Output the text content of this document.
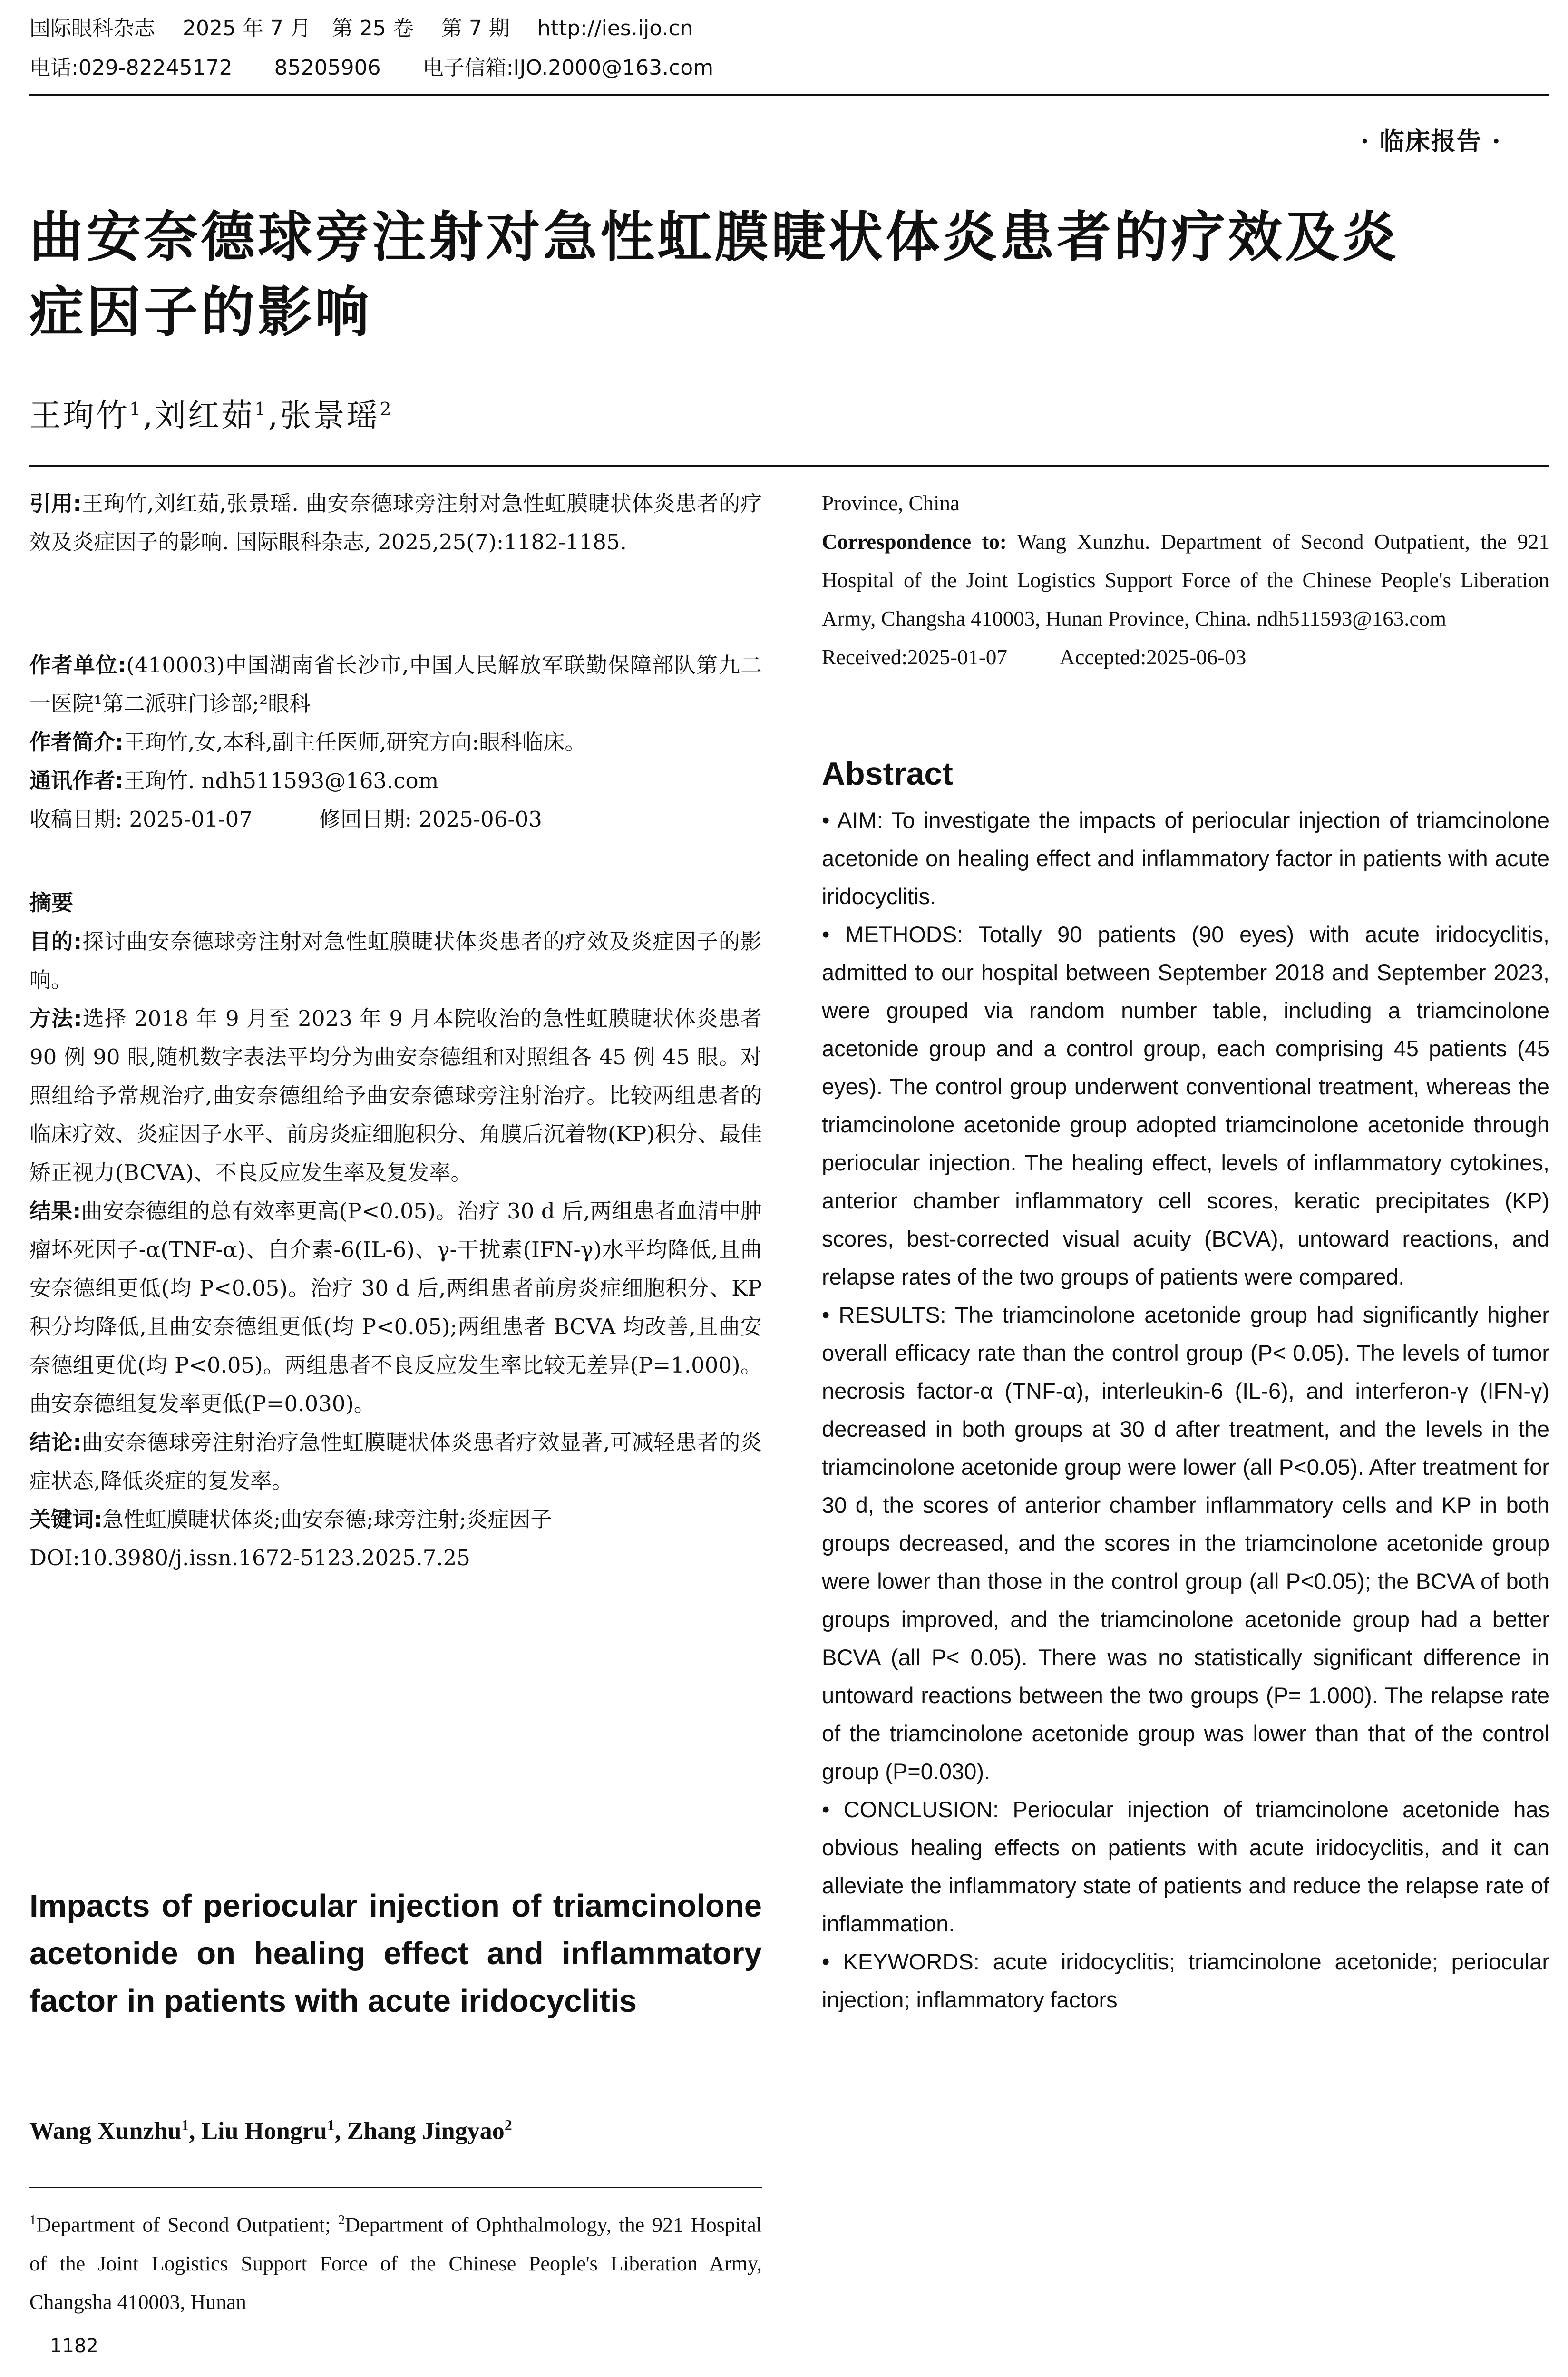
国际眼科杂志　 2025 年 7 月　第 25 卷　 第 7 期　 http://ies.ijo.cn
电话:029-82245172　　85205906　　电子信箱:IJO.2000@163.com
· 临床报告 ·
曲安奈德球旁注射对急性虹膜睫状体炎患者的疗效及炎
症因子的影响
王珣竹$^1$,刘红茹$^1$,张景瑶$^2$

引用:王珣竹,刘红茹,张景瑶. 曲安奈德球旁注射对急性虹膜睫状体炎患者的疗效及炎症因子的影响. 国际眼科杂志, 2025,25(7):1182-1185.

作者单位:(410003)中国湖南省长沙市,中国人民解放军联勤保障部队第九二一医院¹第二派驻门诊部;²眼科

作者简介:王珣竹,女,本科,副主任医师,研究方向:眼科临床。

通讯作者:王珣竹. ndh511593@163.com

收稿日期: 2025-01-07	修回日期: 2025-06-03

摘要

目的:探讨曲安奈德球旁注射对急性虹膜睫状体炎患者的疗效及炎症因子的影响。

方法:选择 2018 年 9 月至 2023 年 9 月本院收治的急性虹膜睫状体炎患者 90 例 90 眼,随机数字表法平均分为曲安奈德组和对照组各 45 例 45 眼。对照组给予常规治疗,曲安奈德组给予曲安奈德球旁注射治疗。比较两组患者的临床疗效、炎症因子水平、前房炎症细胞积分、角膜后沉着物(KP)积分、最佳矫正视力(BCVA)、不良反应发生率及复发率。

结果:曲安奈德组的总有效率更高(P<0.05)。治疗 30 d 后,两组患者血清中肿瘤坏死因子-α(TNF-α)、白介素-6(IL-6)、γ-干扰素(IFN-γ)水平均降低,且曲安奈德组更低(均 P<0.05)。治疗 30 d 后,两组患者前房炎症细胞积分、KP 积分均降低,且曲安奈德组更低(均 P<0.05);两组患者 BCVA 均改善,且曲安奈德组更优(均 P<0.05)。两组患者不良反应发生率比较无差异(P=1.000)。曲安奈德组复发率更低(P=0.030)。

结论:曲安奈德球旁注射治疗急性虹膜睫状体炎患者疗效显著,可减轻患者的炎症状态,降低炎症的复发率。

关键词:急性虹膜睫状体炎;曲安奈德;球旁注射;炎症因子

DOI:10.3980/j.issn.1672-5123.2025.7.25

Impacts of periocular injection of triamcinolone acetonide on healing effect and inflammatory factor in patients with acute iridocyclitis
Wang Xunzhu$^1$, Liu Hongru$^1$, Zhang Jingyao$^2$
$^1$Department of Second Outpatient; $^2$Department of Ophthalmology, the 921 Hospital of the Joint Logistics Support Force of the Chinese People's Liberation Army, Changsha 410003, Hunan
1182

Province, China

Correspondence to: Wang Xunzhu. Department of Second Outpatient, the 921 Hospital of the Joint Logistics Support Force of the Chinese People's Liberation Army, Changsha 410003, Hunan Province, China. ndh511593@163.com

Received:2025-01-07 Accepted:2025-06-03

Abstract

• AIM: To investigate the impacts of periocular injection of triamcinolone acetonide on healing effect and inflammatory factor in patients with acute iridocyclitis.

• METHODS: Totally 90 patients (90 eyes) with acute iridocyclitis, admitted to our hospital between September 2018 and September 2023, were grouped via random number table, including a triamcinolone acetonide group and a control group, each comprising 45 patients (45 eyes). The control group underwent conventional treatment, whereas the triamcinolone acetonide group adopted triamcinolone acetonide through periocular injection. The healing effect, levels of inflammatory cytokines, anterior chamber inflammatory cell scores, keratic precipitates (KP) scores, best-corrected visual acuity (BCVA), untoward reactions, and relapse rates of the two groups of patients were compared.

• RESULTS: The triamcinolone acetonide group had significantly higher overall efficacy rate than the control group (P< 0.05). The levels of tumor necrosis factor-α (TNF-α), interleukin-6 (IL-6), and interferon-γ (IFN-γ) decreased in both groups at 30 d after treatment, and the levels in the triamcinolone acetonide group were lower (all P<0.05). After treatment for 30 d, the scores of anterior chamber inflammatory cells and KP in both groups decreased, and the scores in the triamcinolone acetonide group were lower than those in the control group (all P<0.05); the BCVA of both groups improved, and the triamcinolone acetonide group had a better BCVA (all P< 0.05). There was no statistically significant difference in untoward reactions between the two groups (P= 1.000). The relapse rate of the triamcinolone acetonide group was lower than that of the control group (P=0.030).

• CONCLUSION: Periocular injection of triamcinolone acetonide has obvious healing effects on patients with acute iridocyclitis, and it can alleviate the inflammatory state of patients and reduce the relapse rate of inflammation.

• KEYWORDS: acute iridocyclitis; triamcinolone acetonide; periocular injection; inflammatory factors
